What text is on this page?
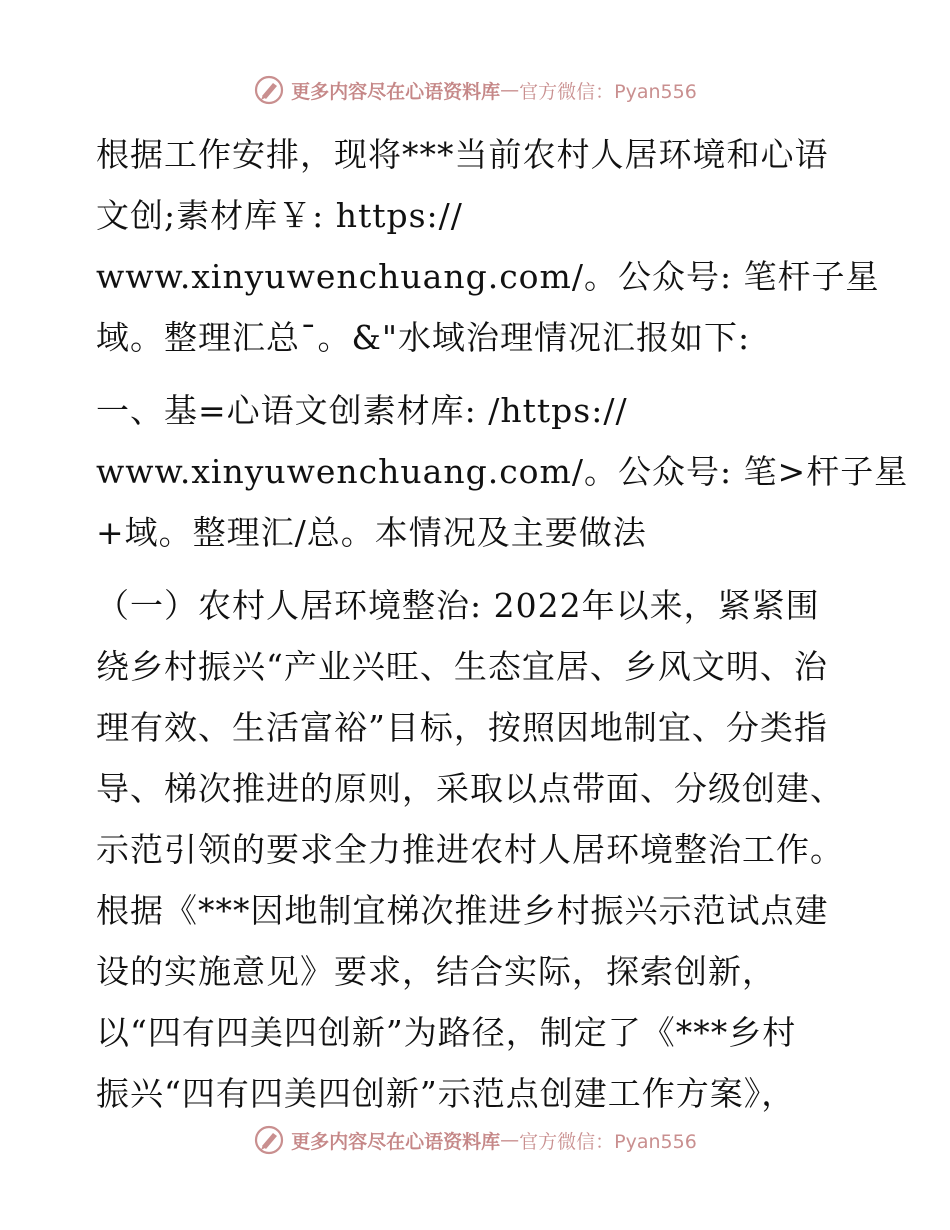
更多内容尽在心语资料库 — 官方微信：Pyan556
根据工作安排，现将***当前农村人居环境和心语
文创;素材库￥: https://
www.xinyuwenchuang.com/。公众号: 笔杆子星
域。整理汇总¯。&"水域治理情况汇报如下:
一、基=心语文创素材库: /https://
www.xinyuwenchuang.com/。公众号: 笔>杆子星
+域。整理汇/总。本情况及主要做法
（一）农村人居环境整治: 2022年以来，紧紧围
绕乡村振兴“产业兴旺、生态宜居、乡风文明、治
理有效、生活富裕”目标，按照因地制宜、分类指
导、梯次推进的原则，采取以点带面、分级创建、
示范引领的要求全力推进农村人居环境整治工作。
根据《***因地制宜梯次推进乡村振兴示范试点建
设的实施意见》要求，结合实际，探索创新，
以“四有四美四创新”为路径，制定了《***乡村
振兴“四有四美四创新”示范点创建工作方案》，
更多内容尽在心语资料库 — 官方微信：Pyan556
